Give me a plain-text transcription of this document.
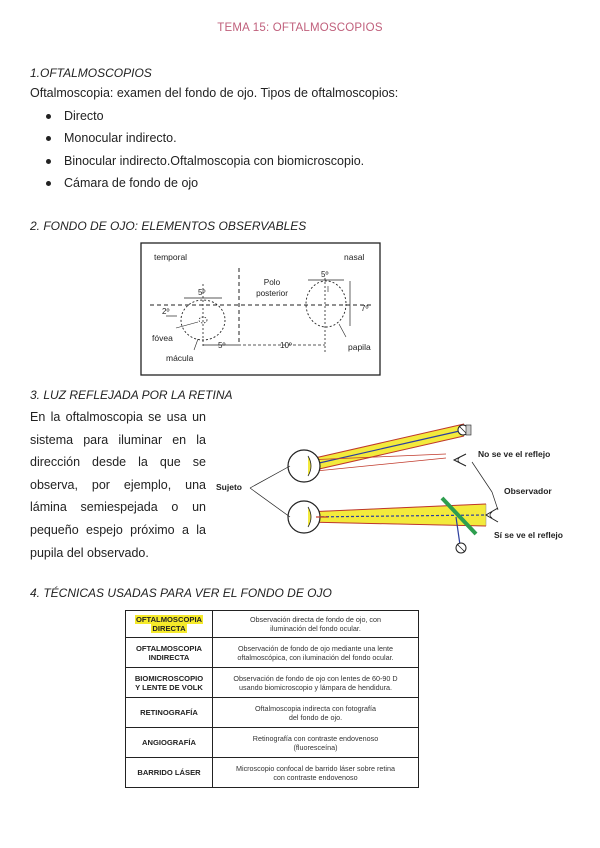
TEMA 15: OFTALMOSCOPIOS
1.OFTALMOSCOPIOS
Oftalmoscopia: examen del fondo de ojo. Tipos de oftalmoscopios:
Directo
Monocular indirecto.
Binocular indirecto.Oftalmoscopia con biomicroscopio.
Cámara de fondo de ojo
2. FONDO DE OJO: ELEMENTOS OBSERVABLES
temporal	nasal
Polo
posterior
5º
2º
5º
7º
fóvea
5º	10º
mácula
papila
3. LUZ REFLEJADA POR LA RETINA
En la oftalmoscopia se usa un sistema para iluminar en la dirección desde la que se observa, por ejemplo, una lámina semiespejada o un pequeño espejo próximo a la pupila del observado.
Sujeto
No se ve el reflejo
Observador
Sí se ve el reflejo
4. TÉCNICAS USADAS PARA VER EL FONDO DE OJO
OFTALMOSCOPIA
DIRECTA	Observación directa de fondo de ojo, con
iluminación del fondo ocular.
OFTALMOSCOPIA
INDIRECTA	Observación de fondo de ojo mediante una lente
oftalmoscópica, con iluminación del fondo ocular.
BIOMICROSCOPIO
Y LENTE DE VOLK	Observación de fondo de ojo con lentes de 60-90 D
usando biomicroscopio y lámpara de hendidura.
RETINOGRAFÍA	Oftalmoscopia indirecta con fotografía
del fondo de ojo.
ANGIOGRAFÍA	Retinografía con contraste endovenoso
(fluoresceína)
BARRIDO LÁSER	Microscopio confocal de barrido láser sobre retina
con contraste endovenoso
